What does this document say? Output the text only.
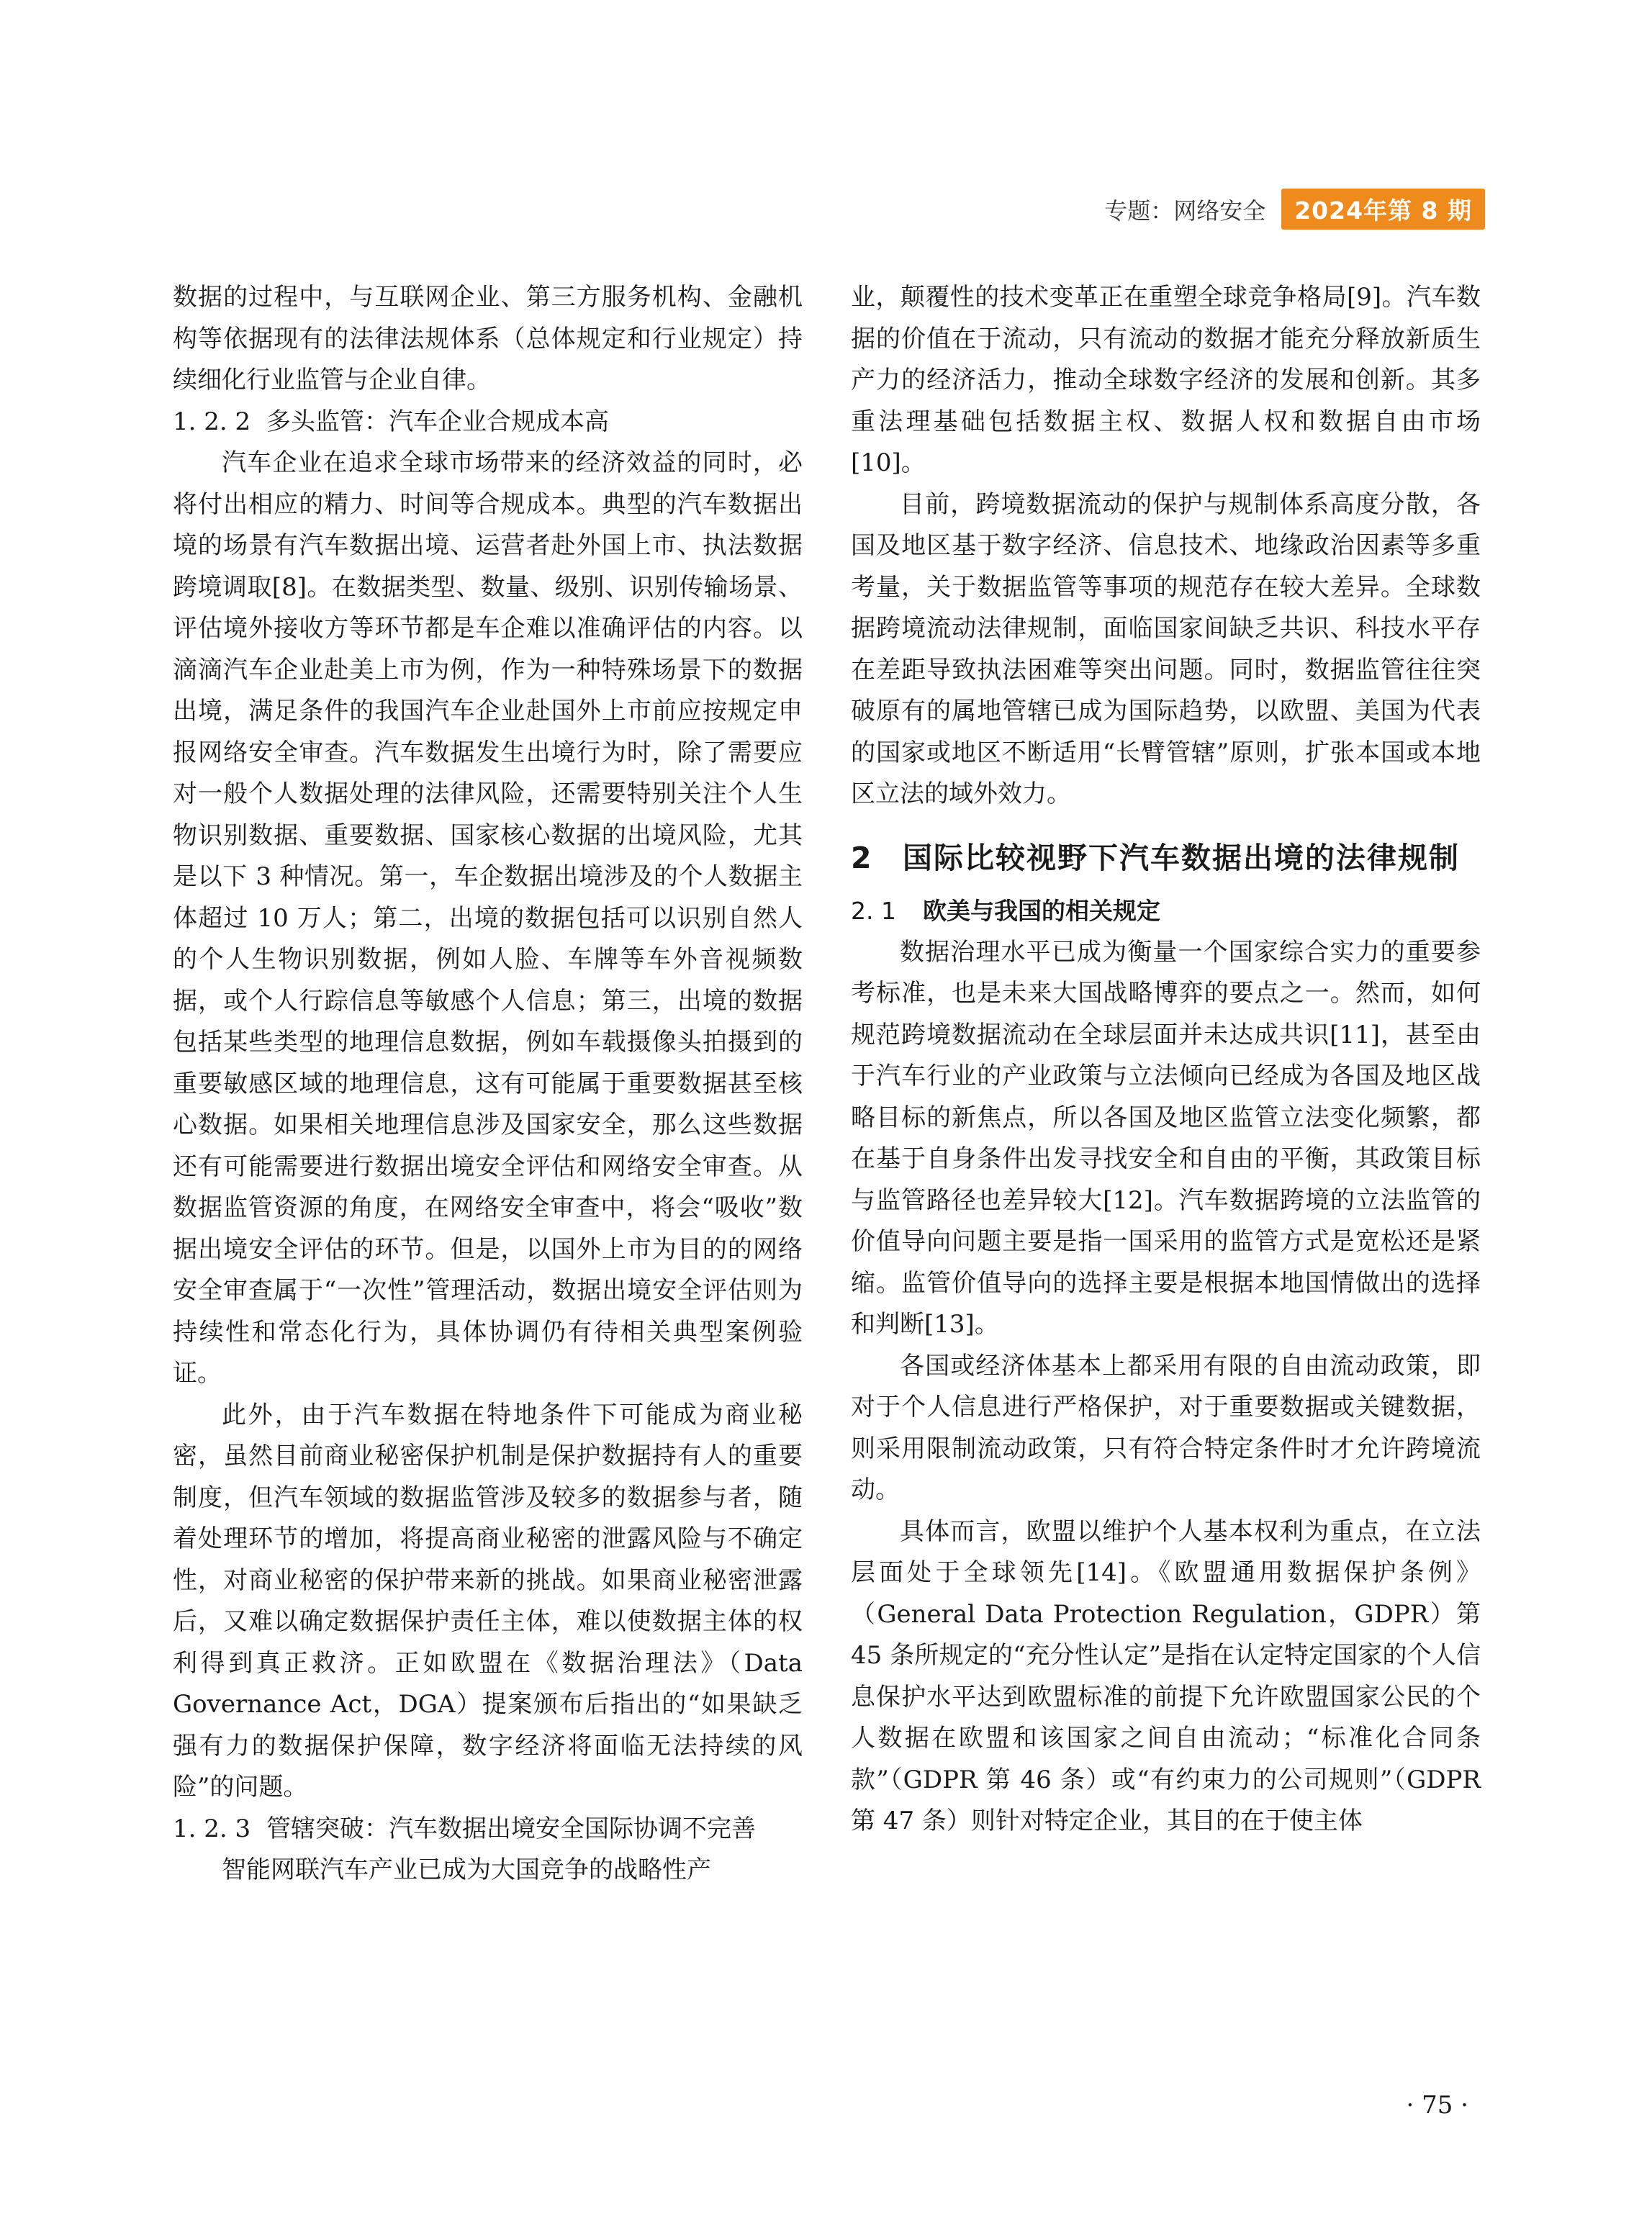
专题：网络安全	2024年第 8 期

数据的过程中，与互联网企业、第三方服务机构、金融机构等依据现有的法律法规体系（总体规定和行业规定）持续细化行业监管与企业自律。

1. 2. 2 多头监管：汽车企业合规成本高

汽车企业在追求全球市场带来的经济效益的同时，必将付出相应的精力、时间等合规成本。典型的汽车数据出境的场景有汽车数据出境、运营者赴外国上市、执法数据跨境调取[8]。在数据类型、数量、级别、识别传输场景、评估境外接收方等环节都是车企难以准确评估的内容。以滴滴汽车企业赴美上市为例，作为一种特殊场景下的数据出境，满足条件的我国汽车企业赴国外上市前应按规定申报网络安全审查。汽车数据发生出境行为时，除了需要应对一般个人数据处理的法律风险，还需要特别关注个人生物识别数据、重要数据、国家核心数据的出境风险，尤其是以下 3 种情况。第一，车企数据出境涉及的个人数据主体超过 10 万人；第二，出境的数据包括可以识别自然人的个人生物识别数据，例如人脸、车牌等车外音视频数据，或个人行踪信息等敏感个人信息；第三，出境的数据包括某些类型的地理信息数据，例如车载摄像头拍摄到的重要敏感区域的地理信息，这有可能属于重要数据甚至核心数据。如果相关地理信息涉及国家安全，那么这些数据还有可能需要进行数据出境安全评估和网络安全审查。从数据监管资源的角度，在网络安全审查中，将会“吸收”数据出境安全评估的环节。但是，以国外上市为目的的网络安全审查属于“一次性”管理活动，数据出境安全评估则为持续性和常态化行为，具体协调仍有待相关典型案例验证。

此外，由于汽车数据在特地条件下可能成为商业秘密，虽然目前商业秘密保护机制是保护数据持有人的重要制度，但汽车领域的数据监管涉及较多的数据参与者，随着处理环节的增加，将提高商业秘密的泄露风险与不确定性，对商业秘密的保护带来新的挑战。如果商业秘密泄露后，又难以确定数据保护责任主体，难以使数据主体的权利得到真正救济。正如欧盟在《数据治理法》（Data Governance Act，DGA）提案颁布后指出的“如果缺乏强有力的数据保护保障，数字经济将面临无法持续的风险”的问题。

1. 2. 3 管辖突破：汽车数据出境安全国际协调不完善

智能网联汽车产业已成为大国竞争的战略性产

业，颠覆性的技术变革正在重塑全球竞争格局[9]。汽车数据的价值在于流动，只有流动的数据才能充分释放新质生产力的经济活力，推动全球数字经济的发展和创新。其多重法理基础包括数据主权、数据人权和数据自由市场[10]。

目前，跨境数据流动的保护与规制体系高度分散，各国及地区基于数字经济、信息技术、地缘政治因素等多重考量，关于数据监管等事项的规范存在较大差异。全球数据跨境流动法律规制，面临国家间缺乏共识、科技水平存在差距导致执法困难等突出问题。同时，数据监管往往突破原有的属地管辖已成为国际趋势，以欧盟、美国为代表的国家或地区不断适用“长臂管辖”原则，扩张本国或本地区立法的域外效力。

2	国际比较视野下汽车数据出境的法律规制
2. 1	欧美与我国的相关规定

数据治理水平已成为衡量一个国家综合实力的重要参考标准，也是未来大国战略博弈的要点之一。然而，如何规范跨境数据流动在全球层面并未达成共识[11]，甚至由于汽车行业的产业政策与立法倾向已经成为各国及地区战略目标的新焦点，所以各国及地区监管立法变化频繁，都在基于自身条件出发寻找安全和自由的平衡，其政策目标与监管路径也差异较大[12]。汽车数据跨境的立法监管的价值导向问题主要是指一国采用的监管方式是宽松还是紧缩。监管价值导向的选择主要是根据本地国情做出的选择和判断[13]。

各国或经济体基本上都采用有限的自由流动政策，即对于个人信息进行严格保护，对于重要数据或关键数据，则采用限制流动政策，只有符合特定条件时才允许跨境流动。

具体而言，欧盟以维护个人基本权利为重点，在立法层面处于全球领先[14]。《欧盟通用数据保护条例》（General Data Protection Regulation，GDPR）第 45 条所规定的“充分性认定”是指在认定特定国家的个人信息保护水平达到欧盟标准的前提下允许欧盟国家公民的个人数据在欧盟和该国家之间自由流动；“标准化合同条款”（GDPR 第 46 条）或“有约束力的公司规则”（GDPR 第 47 条）则针对特定企业，其目的在于使主体

· 75 ·
